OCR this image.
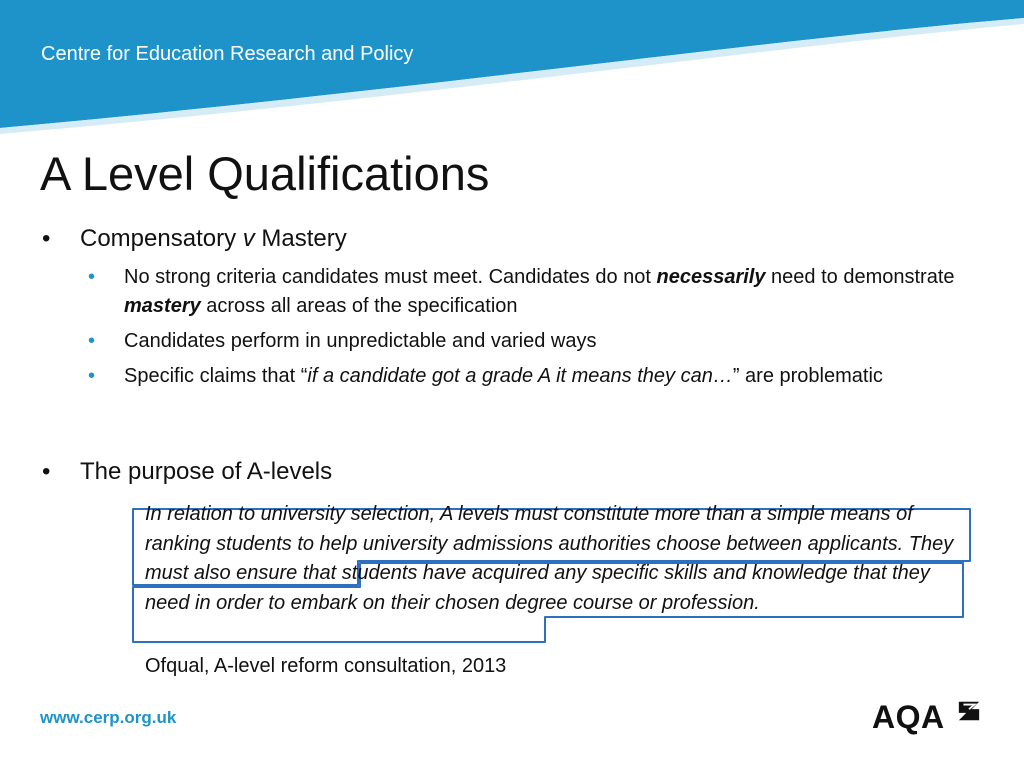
Centre for Education Research and Policy
A Level Qualifications
• Compensatory v Mastery
• No strong criteria candidates must meet. Candidates do not necessarily need to demonstrate mastery across all areas of the specification
• Candidates perform in unpredictable and varied ways
• Specific claims that “if a candidate got a grade A it means they can…” are problematic
• The purpose of A-levels
In relation to university selection, A levels must constitute more than a simple means of ranking students to help university admissions authorities choose between applicants. They must also ensure that students have acquired any specific skills and knowledge that they need in order to embark on their chosen degree course or profession.
Ofqual, A-level reform consultation, 2013
www.cerp.org.uk	AQA
